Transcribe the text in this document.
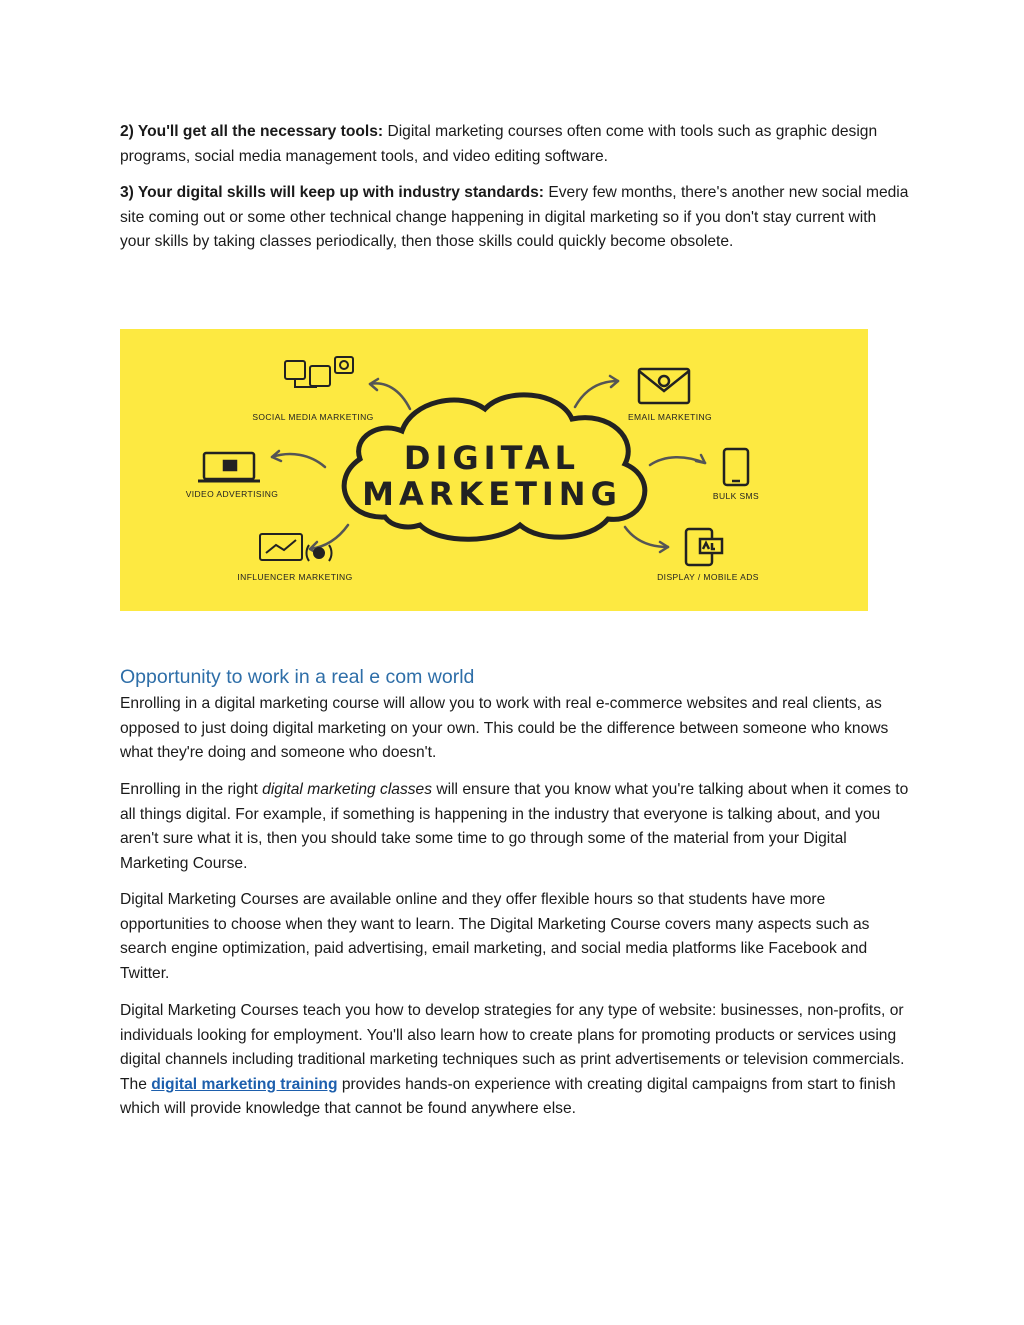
2) You'll get all the necessary tools: Digital marketing courses often come with tools such as graphic design programs, social media management tools, and video editing software.

3) Your digital skills will keep up with industry standards: Every few months, there's another new social media site coming out or some other technical change happening in digital marketing so if you don't stay current with your skills by taking classes periodically, then those skills could quickly become obsolete.

DIGITAL
MARKETING
SOCIAL MEDIA MARKETING
VIDEO ADVERTISING
INFLUENCER MARKETING
EMAIL MARKETING
BULK SMS
DISPLAY / MOBILE ADS
Opportunity to work in a real e com world

Enrolling in a digital marketing course will allow you to work with real e-commerce websites and real clients, as opposed to just doing digital marketing on your own. This could be the difference between someone who knows what they're doing and someone who doesn't.

Enrolling in the right digital marketing classes will ensure that you know what you're talking about when it comes to all things digital. For example, if something is happening in the industry that everyone is talking about, and you aren't sure what it is, then you should take some time to go through some of the material from your Digital Marketing Course.

Digital Marketing Courses are available online and they offer flexible hours so that students have more opportunities to choose when they want to learn. The Digital Marketing Course covers many aspects such as search engine optimization, paid advertising, email marketing, and social media platforms like Facebook and Twitter.

Digital Marketing Courses teach you how to develop strategies for any type of website: businesses, non-profits, or individuals looking for employment. You'll also learn how to create plans for promoting products or services using digital channels including traditional marketing techniques such as print advertisements or television commercials. The digital marketing training provides hands-on experience with creating digital campaigns from start to finish which will provide knowledge that cannot be found anywhere else.
